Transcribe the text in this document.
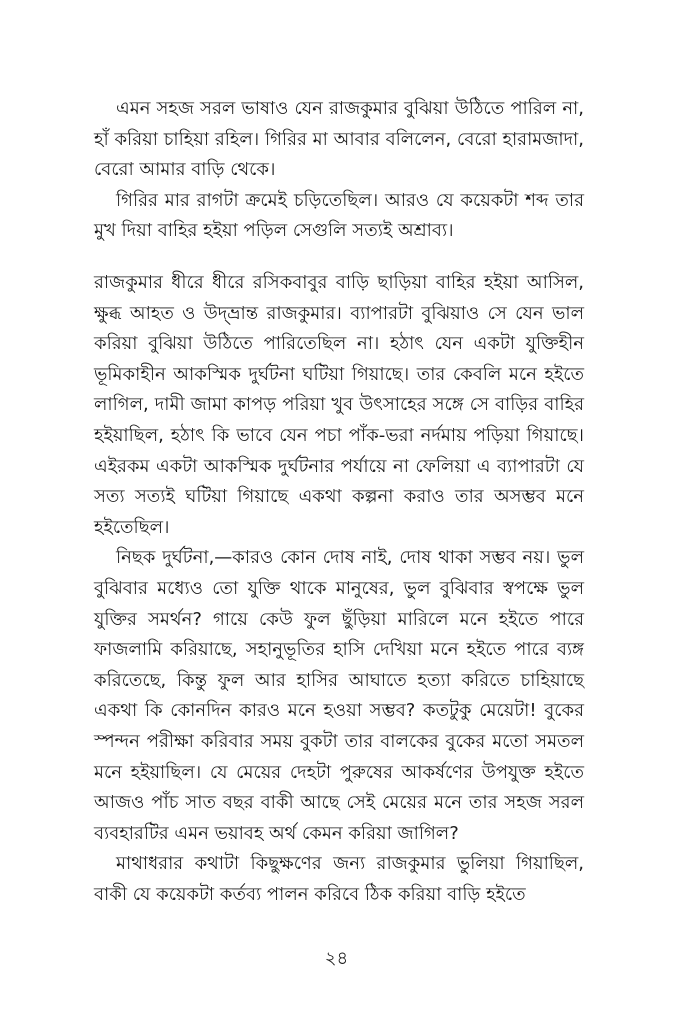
এমন সহজ সরল ভাষাও যেন রাজকুমার বুঝিয়া উঠিতে পারিল না, হাঁ করিয়া চাহিয়া রহিল। গিরির মা আবার বলিলেন, বেরো হারামজাদা, বেরো আমার বাড়ি থেকে।

গিরির মার রাগটা ক্রমেই চড়িতেছিল। আরও যে কয়েকটা শব্দ তার মুখ দিয়া বাহির হইয়া পড়িল সেগুলি সত্যই অশ্রাব্য।

রাজকুমার ধীরে ধীরে রসিকবাবুর বাড়ি ছাড়িয়া বাহির হইয়া আসিল, ক্ষুব্ধ আহত ও উদ্‌ভ্রান্ত রাজকুমার। ব্যাপারটা বুঝিয়াও সে যেন ভাল করিয়া বুঝিয়া উঠিতে পারিতেছিল না। হঠাৎ যেন একটা যুক্তিহীন ভূমিকাহীন আকস্মিক দুর্ঘটনা ঘটিয়া গিয়াছে। তার কেবলি মনে হইতে লাগিল, দামী জামা কাপড় পরিয়া খুব উৎসাহের সঙ্গে সে বাড়ির বাহির হইয়াছিল, হঠাৎ কি ভাবে যেন পচা পাঁক-ভরা নর্দমায় পড়িয়া গিয়াছে। এইরকম একটা আকস্মিক দুর্ঘটনার পর্যায়ে না ফেলিয়া এ ব্যাপারটা যে সত্য সত্যই ঘটিয়া গিয়াছে একথা কল্পনা করাও তার অসম্ভব মনে হইতেছিল।

নিছক দুর্ঘটনা,—কারও কোন দোষ নাই, দোষ থাকা সম্ভব নয়। ভুল বুঝিবার মধ্যেও তো যুক্তি থাকে মানুষের, ভুল বুঝিবার স্বপক্ষে ভুল যুক্তির সমর্থন? গায়ে কেউ ফুল ছুঁড়িয়া মারিলে মনে হইতে পারে ফাজলামি করিয়াছে, সহানুভূতির হাসি দেখিয়া মনে হইতে পারে ব্যঙ্গ করিতেছে, কিন্তু ফুল আর হাসির আঘাতে হত্যা করিতে চাহিয়াছে একথা কি কোনদিন কারও মনে হওয়া সম্ভব? কতটুকু মেয়েটা! বুকের স্পন্দন পরীক্ষা করিবার সময় বুকটা তার বালকের বুকের মতো সমতল মনে হইয়াছিল। যে মেয়ের দেহটা পুরুষের আকর্ষণের উপযুক্ত হইতে আজও পাঁচ সাত বছর বাকী আছে সেই মেয়ের মনে তার সহজ সরল ব্যবহারটির এমন ভয়াবহ অর্থ কেমন করিয়া জাগিল?

মাথাধরার কথাটা কিছুক্ষণের জন্য রাজকুমার ভুলিয়া গিয়াছিল, বাকী যে কয়েকটা কর্তব্য পালন করিবে ঠিক করিয়া বাড়ি হইতে

২৪
